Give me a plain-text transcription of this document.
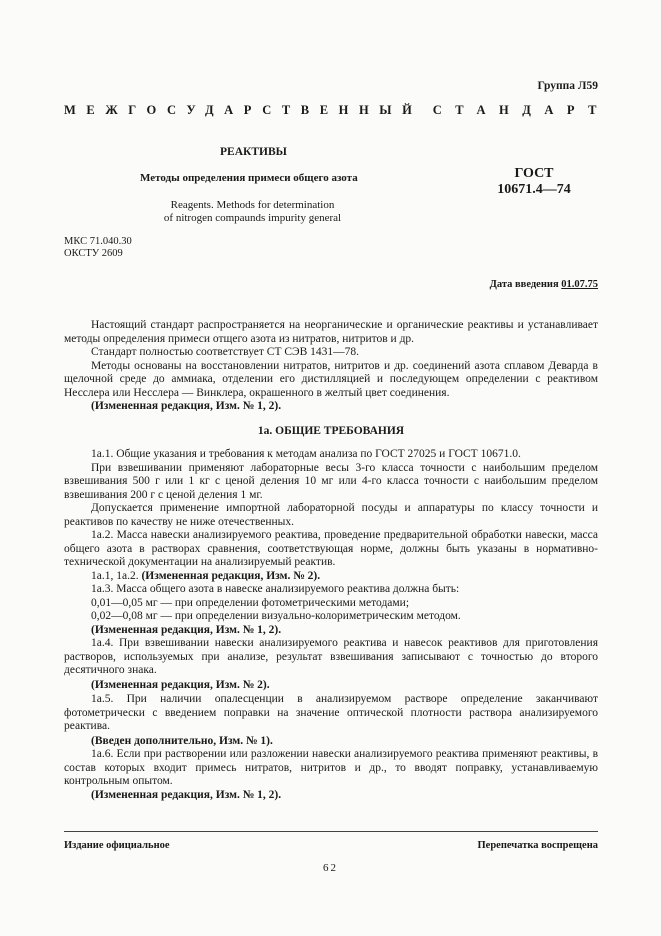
Группа Л59
МЕЖГОСУДАРСТВЕННЫЙ СТАНДАРТ
РЕАКТИВЫ
Методы определения примеси общего азота
Reagents. Methods for determination
of nitrogen compaunds impurity general
ГОСТ
10671.4—74
МКС 71.040.30
ОКСТУ 2609
Дата введения 01.07.75

Настоящий стандарт распространяется на неорганические и органические реактивы и устанавливает методы определения примеси отщего азота из нитратов, нитритов и др.

Стандарт полностью соответствует СТ СЭВ 1431—78.

Методы основаны на восстановлении нитратов, нитритов и др. соединений азота сплавом Деварда в щелочной среде до аммиака, отделении его дистилляцией и последующем определении с реактивом Несслера или Несслера — Винклера, окрашенного в желтый цвет соединения.

(Измененная редакция, Изм. № 1, 2).

1а. ОБЩИЕ ТРЕБОВАНИЯ

1а.1. Общие указания и требования к методам анализа по ГОСТ 27025 и ГОСТ 10671.0.

При взвешивании применяют лабораторные весы 3-го класса точности с наибольшим пределом взвешивания 500 г или 1 кг с ценой деления 10 мг или 4-го класса точности с наибольшим пределом взвешивания 200 г с ценой деления 1 мг.

Допускается применение импортной лабораторной посуды и аппаратуры по классу точности и реактивов по качеству не ниже отечественных.

1а.2. Масса навески анализируемого реактива, проведение предварительной обработки навески, масса общего азота в растворах сравнения, соответствующая норме, должны быть указаны в нормативно-технической документации на анализируемый реактив.

1а.1, 1а.2. (Измененная редакция, Изм. № 2).

1а.3. Масса общего азота в навеске анализируемого реактива должна быть:

0,01—0,05 мг — при определении фотометрическими методами;

0,02—0,08 мг — при определении визуально-колориметрическим методом.

(Измененная редакция, Изм. № 1, 2).

1а.4. При взвешивании навески анализируемого реактива и навесок реактивов для приготовления растворов, используемых при анализе, результат взвешивания записывают с точностью до второго десятичного знака.

(Измененная редакция, Изм. № 2).

1а.5. При наличии опалесценции в анализируемом растворе определение заканчивают фотометрически с введением поправки на значение оптической плотности раствора анализируемого реактива.

(Введен дополнительно, Изм. № 1).

1а.6. Если при растворении или разложении навески анализируемого реактива применяют реактивы, в состав которых входит примесь нитратов, нитритов и др., то вводят поправку, устанавливаемую контрольным опытом.

(Измененная редакция, Изм. № 1, 2).

Издание официальное	Перепечатка воспрещена
62
